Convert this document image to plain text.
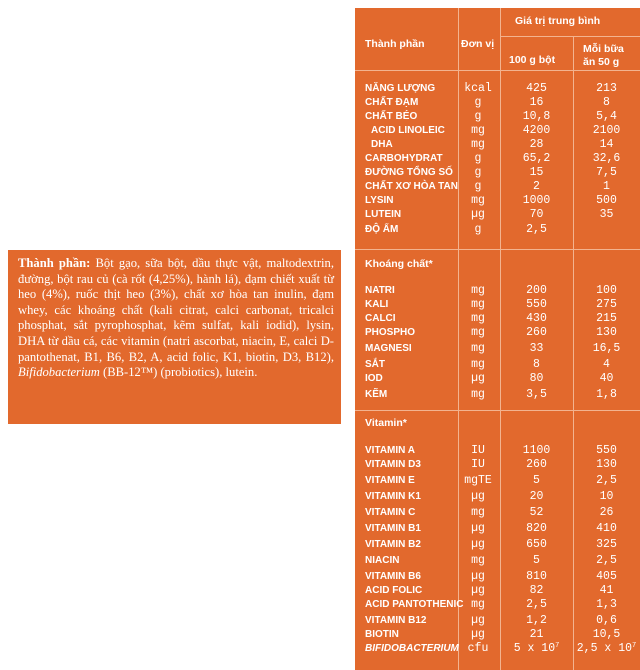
Thành phần: Bột gạo, sữa bột, dầu thực vật, maltodextrin, đường, bột rau củ (cà rốt (4,25%), hành lá), đạm chiết xuất từ heo (4%), ruốc thịt heo (3%), chất xơ hòa tan inulin, đạm whey, các khoáng chất (kali citrat, calci carbonat, tricalci phosphat, sắt pyrophosphat, kẽm sulfat, kali iodid), lysin, DHA từ dầu cá, các vitamin (natri ascorbat, niacin, E, calci D-pantothenat, B1, B6, B2, A, acid folic, K1, biotin, D3, B12), Bifidobacterium (BB-12™) (probiotics), lutein.
Thành phần	Đơn vị
Giá trị trung bình
100 g bột
Mỗi bữa
ăn 50 g
Khoáng chất*
Vitamin*
NĂNG LƯỢNG	kcal	425	213
CHẤT ĐẠM	g	16	8
CHẤT BÉO	g	10,8	5,4
ACID LINOLEIC	mg	4200	2100
DHA	mg	28	14
CARBOHYDRAT	g	65,2	32,6
ĐƯỜNG TỔNG SỐ	g	15	7,5
CHẤT XƠ HÒA TAN	g	2	1
LYSIN	mg	1000	500
LUTEIN	µg	70	35
ĐỘ ẨM	g	2,5
NATRI	mg	200	100
KALI	mg	550	275
CALCI	mg	430	215
PHOSPHO	mg	260	130
MAGNESI	mg	33	16,5
SẮT	mg	8	4
IOD	µg	80	40
KẼM	mg	3,5	1,8
VITAMIN A	IU	1100	550
VITAMIN D3	IU	260	130
VITAMIN E	mgTE	5	2,5
VITAMIN K1	µg	20	10
VITAMIN C	mg	52	26
VITAMIN B1	µg	820	410
VITAMIN B2	µg	650	325
NIACIN	mg	5	2,5
VITAMIN B6	µg	810	405
ACID FOLIC	µg	82	41
ACID PANTOTHENIC mg	2,5	1,3
VITAMIN B12	µg	1,2	0,6
BIOTIN	µg	21	10,5
BIFIDOBACTERIUM cfu	5 x $10^7$	2,5 x $10^7$
